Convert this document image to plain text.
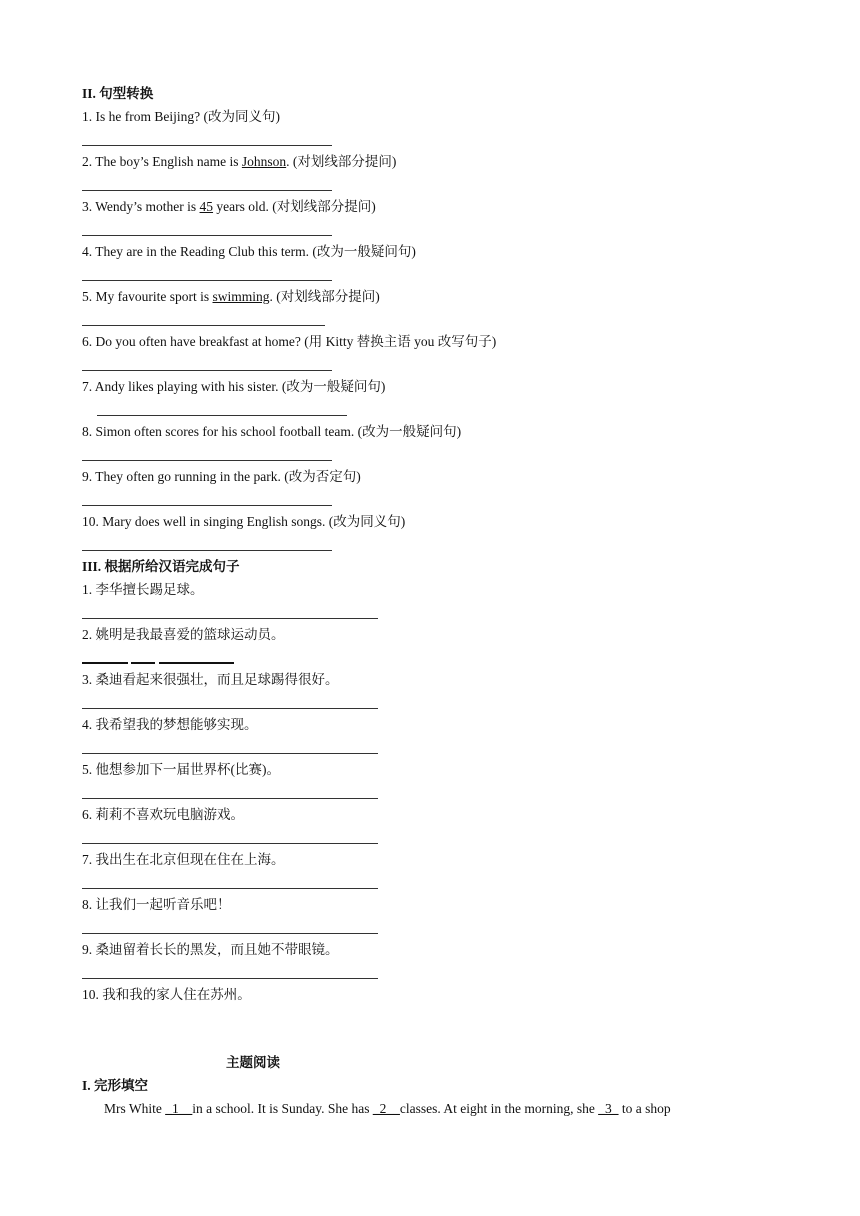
II. 句型转换
1. Is he from Beijing? (改为同义句)
2. The boy’s English name is Johnson. (对划线部分提问)
3. Wendy’s mother is 45 years old. (对划线部分提问)
4. They are in the Reading Club this term. (改为一般疑问句)
5. My favourite sport is swimming. (对划线部分提问)
6. Do you often have breakfast at home? (用 Kitty 替换主语 you 改写句子)
7. Andy likes playing with his sister. (改为一般疑问句)
8. Simon often scores for his school football team. (改为一般疑问句)
9. They often go running in the park. (改为否定句)
10. Mary does well in singing English songs. (改为同义句)
III. 根据所给汉语完成句子
1. 李华擅长踢足球。
2. 姚明是我最喜爱的篮球运动员。
3. 桑迪看起来很强壮，而且足球踢得很好。
4. 我希望我的梦想能够实现。
5. 他想参加下一届世界杯(比赛)。
6. 莉莉不喜欢玩电脑游戏。
7. 我出生在北京但现在住在上海。
8. 让我们一起听音乐吧！
9. 桑迪留着长长的黑发，而且她不带眼镜。
10. 我和我的家人住在苏州。
主题阅读
I. 完形填空
Mrs White _1__in a school. It is Sunday. She has _2__classes. At eight in the morning, she _3_ to a shop
